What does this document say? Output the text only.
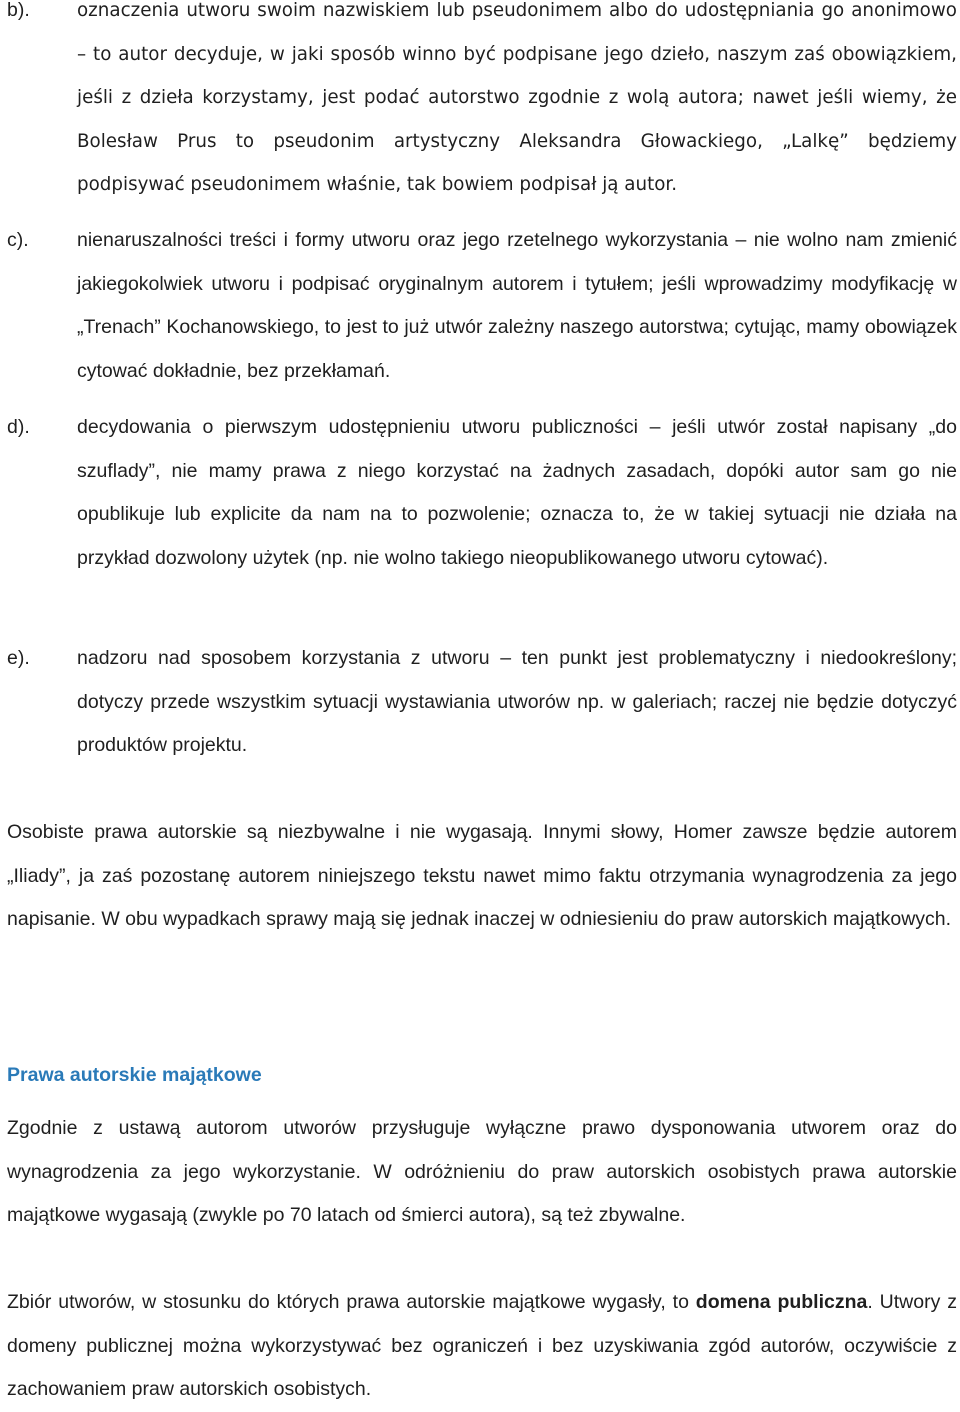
b).	oznaczenia utworu swoim nazwiskiem lub pseudonimem albo do udostępniania go anonimowo – to autor decyduje, w jaki sposób winno być podpisane jego dzieło, naszym zaś obowiązkiem, jeśli z dzieła korzystamy, jest podać autorstwo zgodnie z wolą autora; nawet jeśli wiemy, że Bolesław Prus to pseudonim artystyczny Aleksandra Głowackiego, „Lalkę” będziemy podpisywać pseudonimem właśnie, tak bowiem podpisał ją autor.
c).	nienaruszalności treści i formy utworu oraz jego rzetelnego wykorzystania – nie wolno nam zmienić jakiegokolwiek utworu i podpisać oryginalnym autorem i tytułem; jeśli wprowadzimy modyfikację w „Trenach” Kochanowskiego, to jest to już utwór zależny naszego autorstwa; cytując, mamy obowiązek cytować dokładnie, bez przekłamań.
d).	decydowania o pierwszym udostępnieniu utworu publiczności – jeśli utwór został napisany „do szuflady”, nie mamy prawa z niego korzystać na żadnych zasadach, dopóki autor sam go nie opublikuje lub explicite da nam na to pozwolenie; oznacza to, że w takiej sytuacji nie działa na przykład dozwolony użytek (np. nie wolno takiego nieopublikowanego utworu cytować).
e).	nadzoru nad sposobem korzystania z utworu – ten punkt jest problematyczny i niedookreślony; dotyczy przede wszystkim sytuacji wystawiania utworów np. w galeriach; raczej nie będzie dotyczyć produktów projektu.
Osobiste prawa autorskie są niezbywalne i nie wygasają. Innymi słowy, Homer zawsze będzie autorem „Iliady”, ja zaś pozostanę autorem niniejszego tekstu nawet mimo faktu otrzymania wynagrodzenia za jego napisanie. W obu wypadkach sprawy mają się jednak inaczej w odniesieniu do praw autorskich majątkowych.
Prawa autorskie majątkowe
Zgodnie z ustawą autorom utworów przysługuje wyłączne prawo dysponowania utworem oraz do wynagrodzenia za jego wykorzystanie. W odróżnieniu do praw autorskich osobistych prawa autorskie majątkowe wygasają (zwykle po 70 latach od śmierci autora), są też zbywalne.
Zbiór utworów, w stosunku do których prawa autorskie majątkowe wygasły, to domena publiczna. Utwory z domeny publicznej można wykorzystywać bez ograniczeń i bez uzyskiwania zgód autorów, oczywiście z zachowaniem praw autorskich osobistych.
